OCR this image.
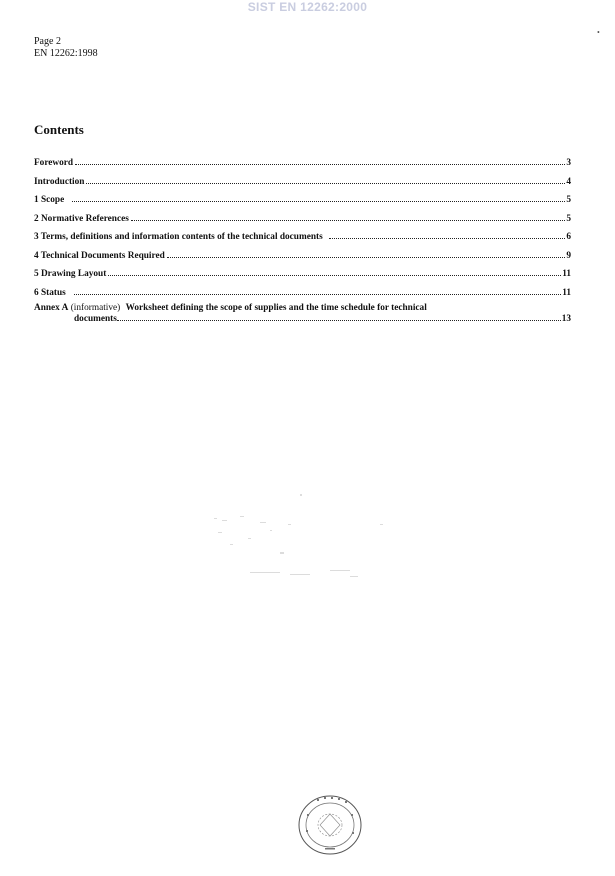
SIST EN 12262:2000
•
Page 2
EN 12262:1998
Contents
Foreword	3
Introduction	4
1 Scope	5
2 Normative References	5
3 Terms, definitions and information contents of the technical documents	6
4 Technical Documents Required	9
5 Drawing Layout	11
6 Status	11
Annex A (informative) Worksheet defining the scope of supplies and the time schedule for technical
documents	13
